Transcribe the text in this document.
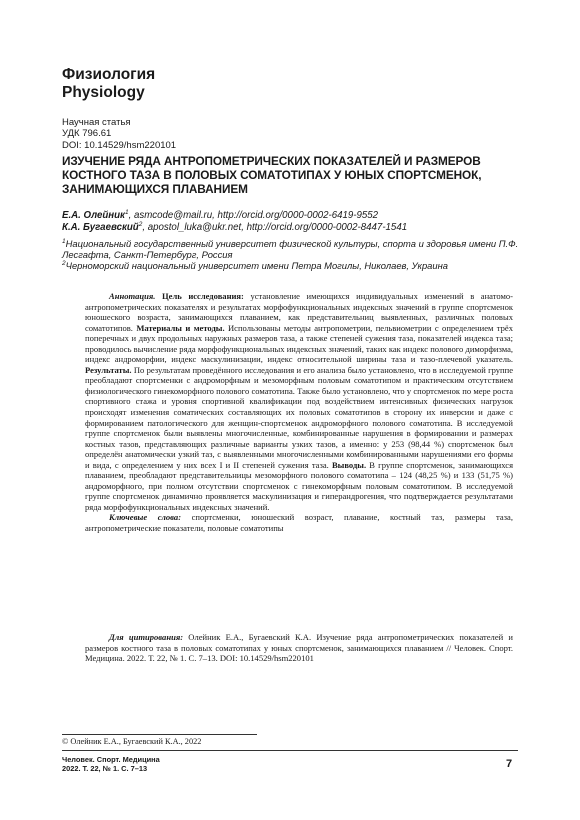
Физиология
Physiology
Научная статья
УДК 796.61
DOI: 10.14529/hsm220101
ИЗУЧЕНИЕ РЯДА АНТРОПОМЕТРИЧЕСКИХ ПОКАЗАТЕЛЕЙ И РАЗМЕРОВ КОСТНОГО ТАЗА В ПОЛОВЫХ СОМАТОТИПАХ У ЮНЫХ СПОРТСМЕНОК, ЗАНИМАЮЩИХСЯ ПЛАВАНИЕМ
Е.А. Олейник$^1$, asmcode@mail.ru, http://orcid.org/0000-0002-6419-9552
К.А. Бугаевский$^2$, apostol_luka@ukr.net, http://orcid.org/0000-0002-8447-1541
$^1$Национальный государственный университет физической культуры, спорта и здоровья имени П.Ф. Лесгафта, Санкт-Петербург, Россия
$^2$Черноморский национальный университет имени Петра Могилы, Николаев, Украина

Аннотация. Цель исследования: установление имеющихся индивидуальных изменений в анатомо-антропометрических показателях и результатах морфофункциональных индексных значений в группе спортсменок юношеского возраста, занимающихся плаванием, как представительниц выявленных, различных половых соматотипов. Материалы и методы. Использованы методы антропометрии, пельвиометрии с определением трёх поперечных и двух продольных наружных размеров таза, а также степеней сужения таза, показателей индекса таза; проводилось вычисление ряда морфофункциональных индексных значений, таких как индекс полового диморфизма, индекс андроморфии, индекс маскулинизации, индекс относительной ширины таза и тазо-плечевой указатель. Результаты. По результатам проведённого исследования и его анализа было установлено, что в исследуемой группе преобладают спортсменки с андроморфным и мезоморфным половым соматотипом и практическим отсутствием физиологического гинекоморфного полового соматотипа. Также было установлено, что у спортсменок по мере роста спортивного стажа и уровня спортивной квалификации под воздействием интенсивных физических нагрузок происходят изменения соматических составляющих их половых соматотипов в сторону их инверсии и даже с формированием патологического для женщин-спортсменок андроморфного полового соматотипа. В исследуемой группе спортсменок были выявлены многочисленные, комбинированные нарушения в формировании и размерах костных тазов, представляющих различные варианты узких тазов, а именно: у 253 (98,44 %) спортсменок был определён анатомически узкий таз, с выявленными многочисленными комбинированными нарушениями его формы и вида, с определением у них всех I и II степеней сужения таза. Выводы. В группе спортсменок, занимающихся плаванием, преобладают представительницы мезоморфного полового соматотипа – 124 (48,25 %) и 133 (51,75 %) андроморфного, при полном отсутствии спортсменок с гинекоморфным половым соматотипом. В исследуемой группе спортсменок динамично проявляется маскулинизация и гиперандрогения, что подтверждается результатами ряда морфофункциональных индексных значений.

Ключевые слова: спортсменки, юношеский возраст, плавание, костный таз, размеры таза, антропометрические показатели, половые соматотипы

Для цитирования: Олейник Е.А., Бугаевский К.А. Изучение ряда антропометрических показателей и размеров костного таза в половых соматотипах у юных спортсменок, занимающихся плаванием // Человек. Спорт. Медицина. 2022. Т. 22, № 1. С. 7–13. DOI: 10.14529/hsm220101

© Олейник Е.А., Бугаевский К.А., 2022
Человек. Спорт. Медицина
2022. Т. 22, № 1. С. 7–13	7
